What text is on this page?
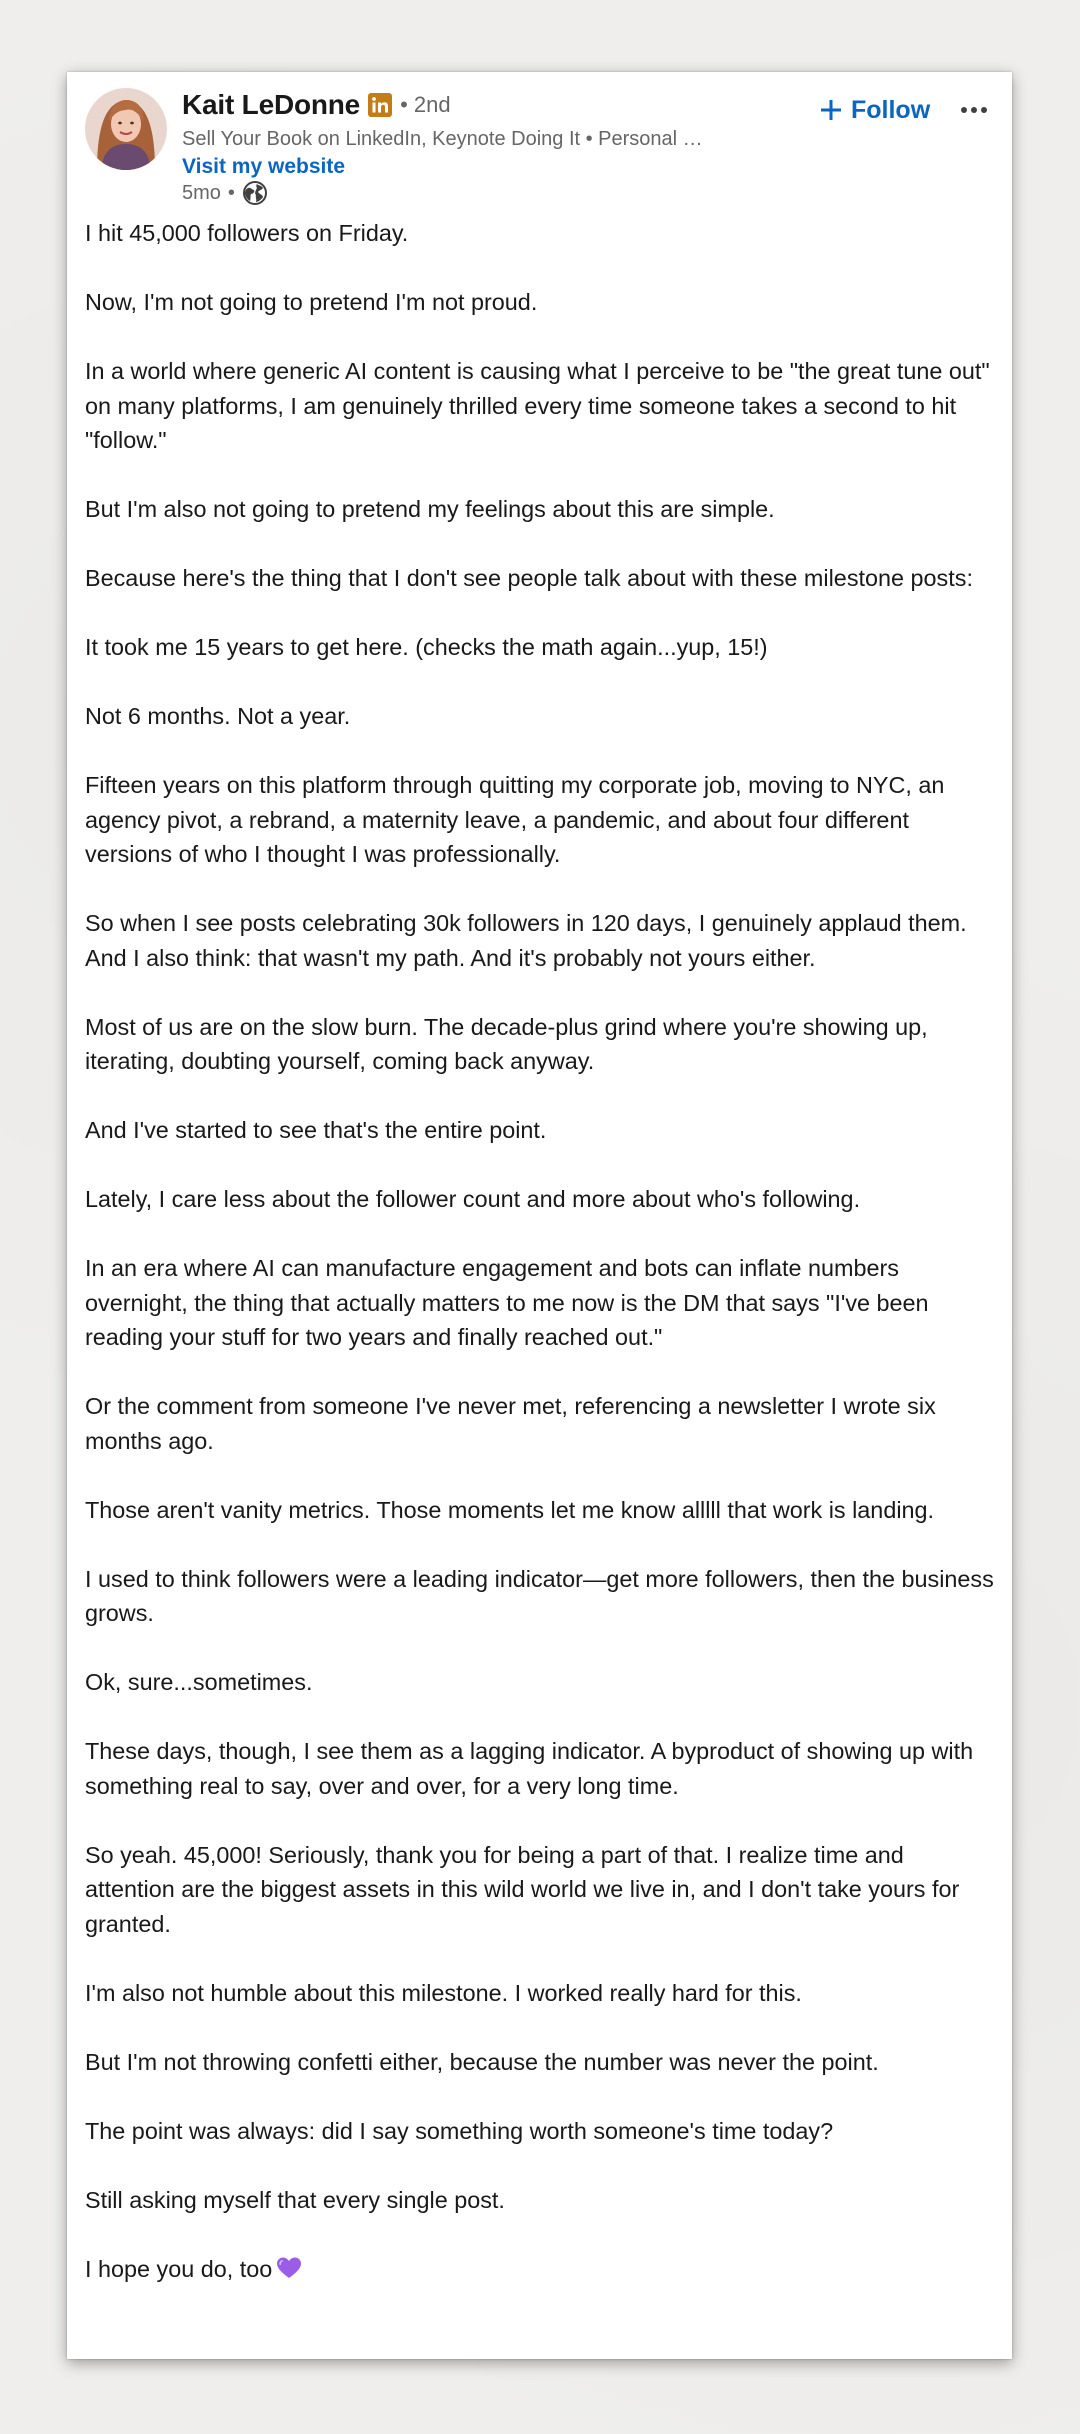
Kait LeDonne • 2nd
Sell Your Book on LinkedIn, Keynote Doing It • Personal …
Visit my website
5mo •
Follow

I hit 45,000 followers on Friday.

Now, I'm not going to pretend I'm not proud.

In a world where generic AI content is causing what I perceive to be "the great tune out" on many platforms, I am genuinely thrilled every time someone takes a second to hit "follow."

But I'm also not going to pretend my feelings about this are simple.

Because here's the thing that I don't see people talk about with these milestone posts:

It took me 15 years to get here. (checks the math again...yup, 15!)

Not 6 months. Not a year.

Fifteen years on this platform through quitting my corporate job, moving to NYC, an agency pivot, a rebrand, a maternity leave, a pandemic, and about four different versions of who I thought I was professionally.

So when I see posts celebrating 30k followers in 120 days, I genuinely applaud them. And I also think: that wasn't my path. And it's probably not yours either.

Most of us are on the slow burn. The decade-plus grind where you're showing up, iterating, doubting yourself, coming back anyway.

And I've started to see that's the entire point.

Lately, I care less about the follower count and more about who's following.

In an era where AI can manufacture engagement and bots can inflate numbers overnight, the thing that actually matters to me now is the DM that says "I've been reading your stuff for two years and finally reached out."

Or the comment from someone I've never met, referencing a newsletter I wrote six months ago.

Those aren't vanity metrics. Those moments let me know alllll that work is landing.

I used to think followers were a leading indicator—get more followers, then the business grows.

Ok, sure...sometimes.

These days, though, I see them as a lagging indicator. A byproduct of showing up with something real to say, over and over, for a very long time.

So yeah. 45,000! Seriously, thank you for being a part of that. I realize time and attention are the biggest assets in this wild world we live in, and I don't take yours for granted.

I'm also not humble about this milestone. I worked really hard for this.

But I'm not throwing confetti either, because the number was never the point.

The point was always: did I say something worth someone's time today?

Still asking myself that every single post.

I hope you do, too
